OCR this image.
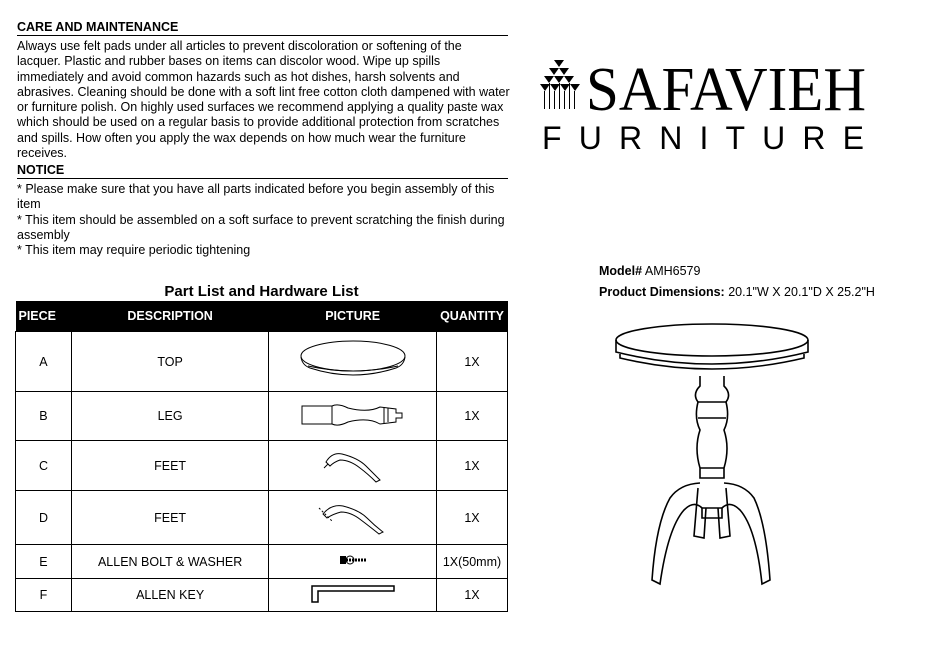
CARE AND MAINTENANCE
Always use felt pads under all articles to prevent discoloration or softening of the
lacquer. Plastic and rubber bases on items can discolor wood. Wipe up spills
immediately and avoid common hazards such as hot dishes, harsh solvents and
abrasives. Cleaning should be done with a soft lint free cotton cloth dampened with water
or furniture polish. On highly used surfaces we recommend applying a quality paste wax
which should be used on a regular basis to provide additional protection from scratches
and spills. How often you apply the wax depends on how much wear the furniture
receives.
NOTICE
* Please make sure that you have all parts indicated before you begin assembly of this
item
* This item should be assembled on a soft surface to prevent scratching the finish during
assembly
* This item may require periodic tightening
Part List and Hardware List
PIECE	DESCRIPTION	PICTURE	QUANTITY
A	TOP		1X
B	LEG		1X
C	FEET		1X
D	FEET		1X
E	ALLEN BOLT & WASHER		1X(50mm)
F	ALLEN KEY		1X
SAFAVIEH
FURNITURE
Model# AMH6579
Product Dimensions: 20.1"W X 20.1"D X 25.2"H
